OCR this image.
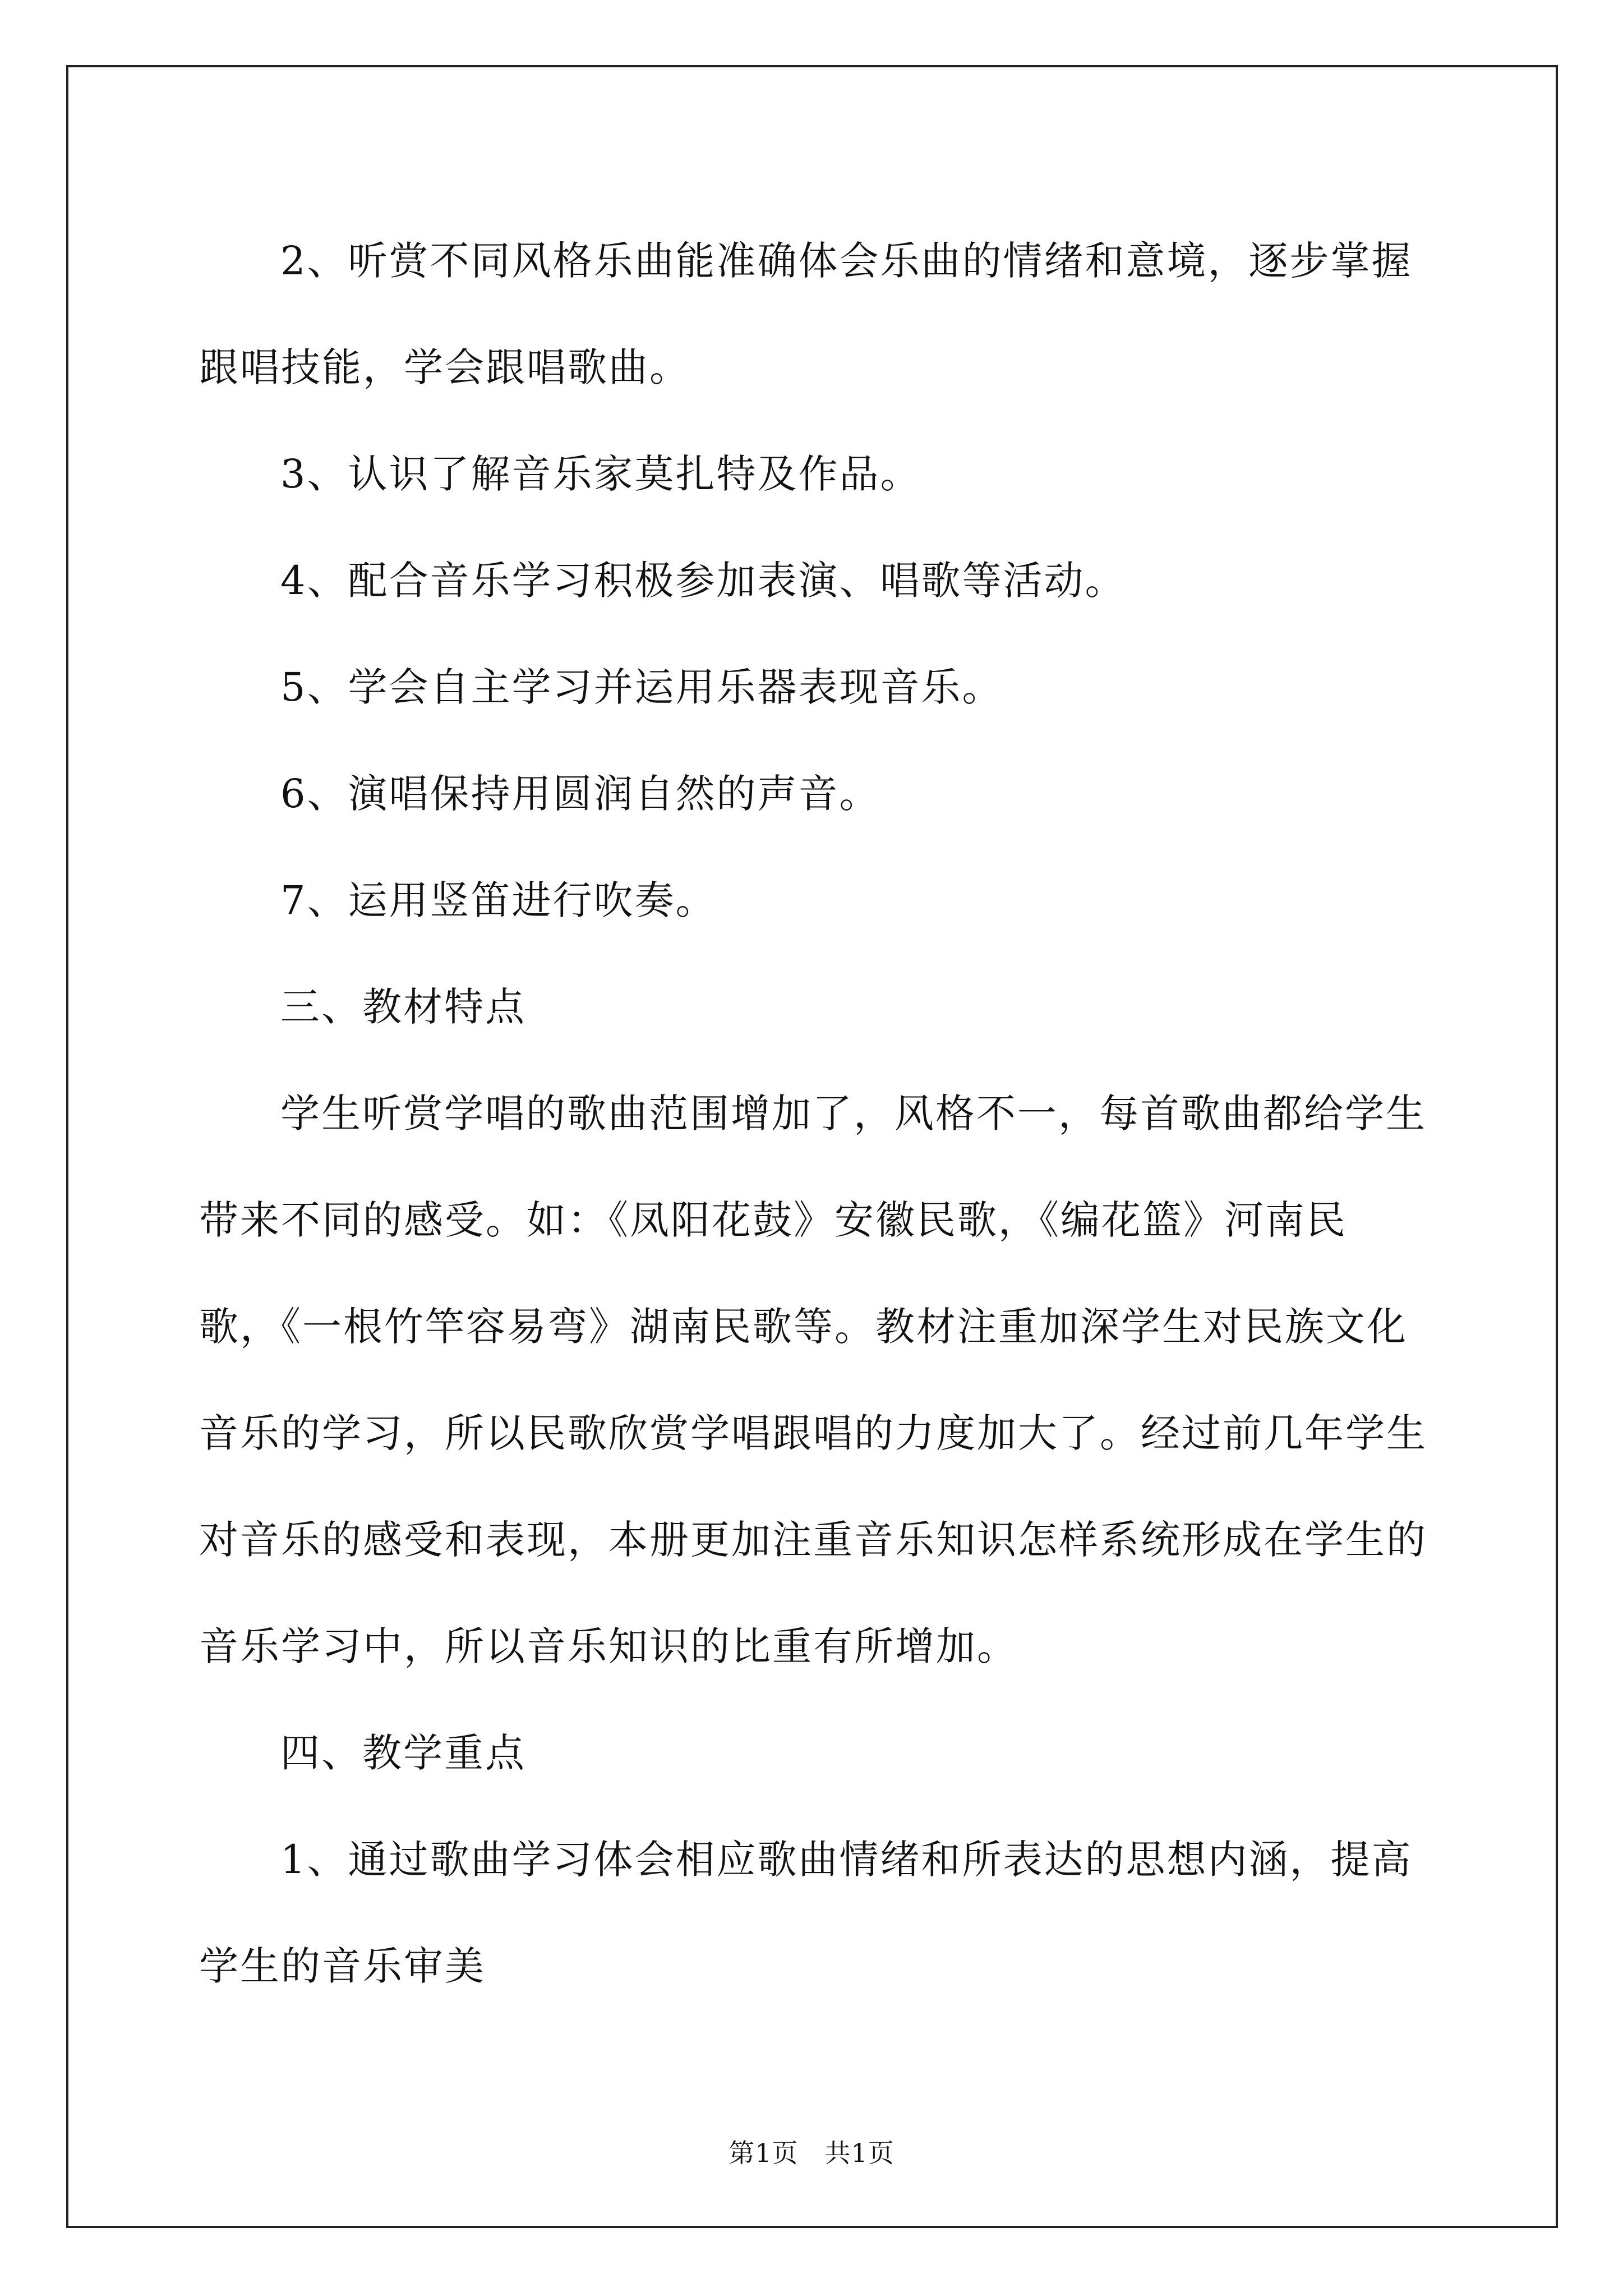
2、听赏不同风格乐曲能准确体会乐曲的情绪和意境，逐步掌握跟唱技能，学会跟唱歌曲。

3、认识了解音乐家莫扎特及作品。

4、配合音乐学习积极参加表演、唱歌等活动。

5、学会自主学习并运用乐器表现音乐。

6、演唱保持用圆润自然的声音。

7、运用竖笛进行吹奏。

三、教材特点

学生听赏学唱的歌曲范围增加了，风格不一，每首歌曲都给学生带来不同的感受。如：《凤阳花鼓》安徽民歌，《编花篮》河南民歌，《一根竹竿容易弯》湖南民歌等。教材注重加深学生对民族文化音乐的学习，所以民歌欣赏学唱跟唱的力度加大了。经过前几年学生对音乐的感受和表现，本册更加注重音乐知识怎样系统形成在学生的音乐学习中，所以音乐知识的比重有所增加。

四、教学重点

1、通过歌曲学习体会相应歌曲情绪和所表达的思想内涵，提高学生的音乐审美

第1页　共1页
